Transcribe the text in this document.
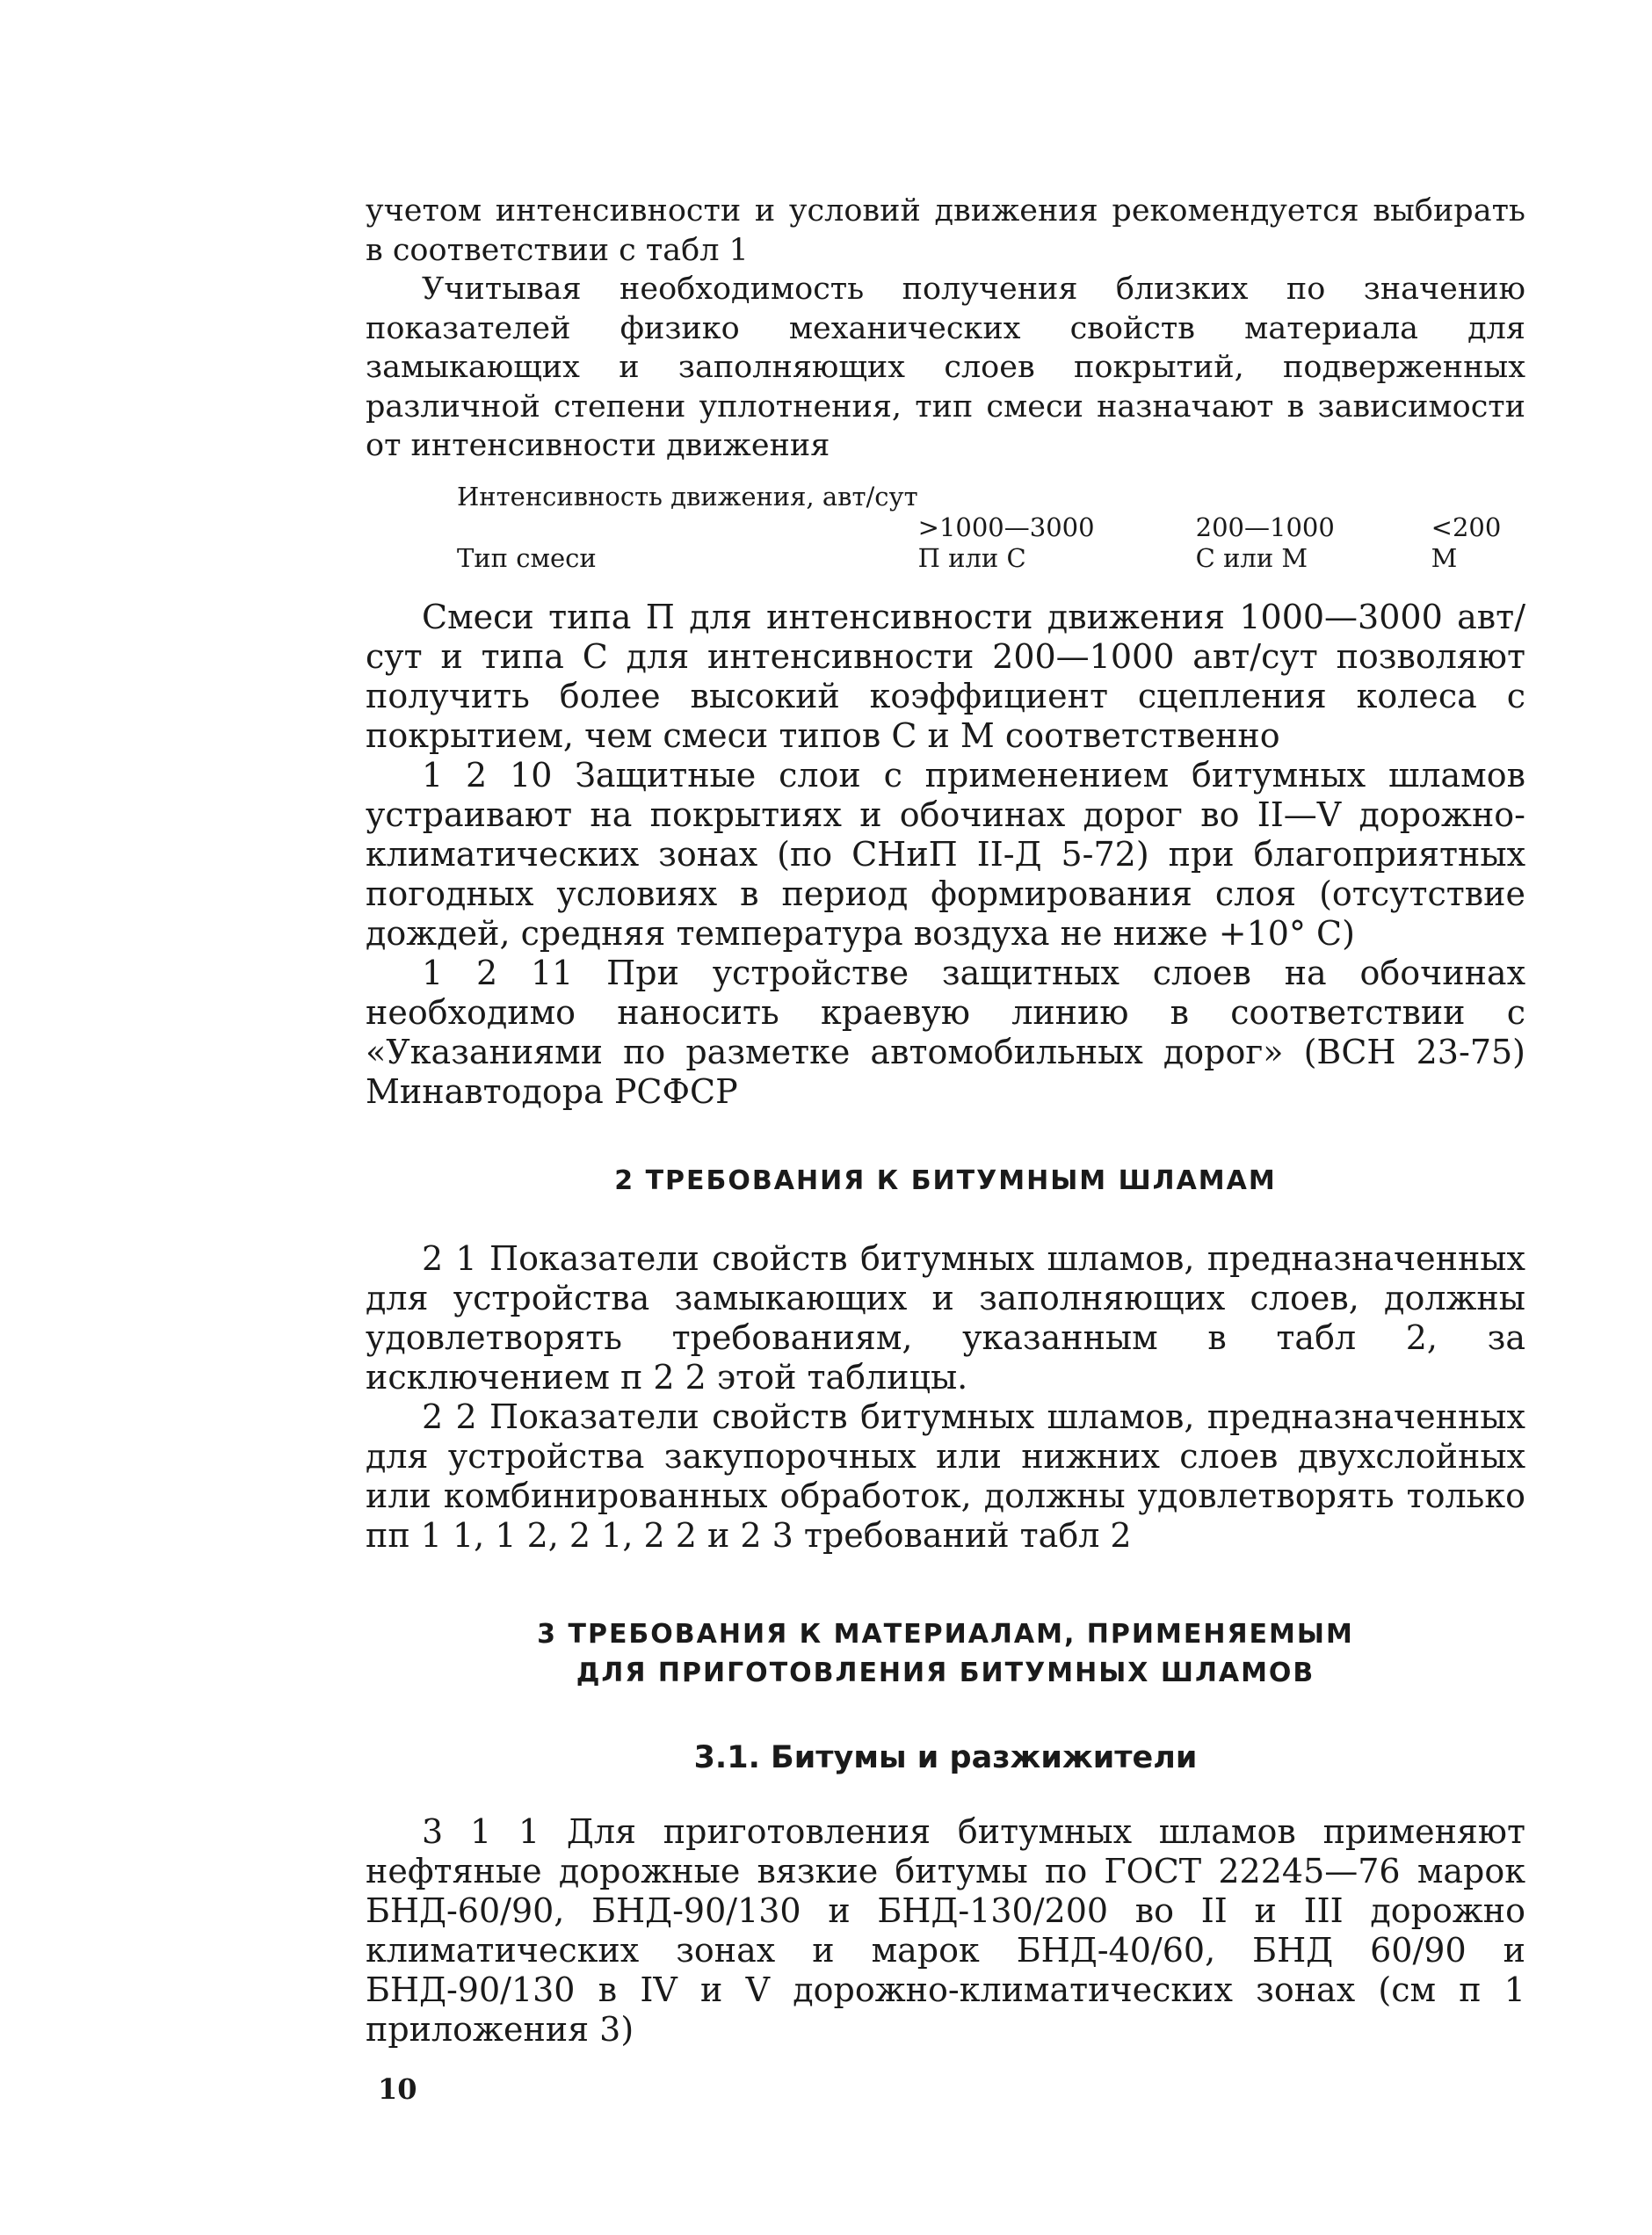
учетом интенсивности и условий движения рекомендуется выбирать в соответствии с табл 1

Учитывая необходимость получения близких по значению показателей физико механических свойств материала для замыкающих и заполняющих слоев покрытий, подверженных различной степени уплотнения, тип смеси назначают в зависимости от интенсивности движения

Интенсивность движения, авт/сут	>1000—3000	200—1000	<200
Тип смеси	П или С	С или М	М

Смеси типа П для интенсивности движения 1000—3000 авт/сут и типа С для интенсивности 200—1000 авт/сут позволяют получить более высокий коэффициент сцепления колеса с покрытием, чем смеси типов С и М соответственно

1 2 10 Защитные слои с применением битумных шламов устраивают на покрытиях и обочинах дорог во II—V дорожно-климатических зонах (по СНиП II-Д 5-72) при благоприятных погодных условиях в период формирования слоя (отсутствие дождей, средняя температура воздуха не ниже +10° С)

1 2 11 При устройстве защитных слоев на обочинах необходимо наносить краевую линию в соответствии с «Указаниями по разметке автомобильных дорог» (ВСН 23-75) Минавтодора РСФСР

2 ТРЕБОВАНИЯ К БИТУМНЫМ ШЛАМАМ

2 1 Показатели свойств битумных шламов, предназначенных для устройства замыкающих и заполняющих слоев, должны удовлетворять требованиям, указанным в табл 2, за исключением п 2 2 этой таблицы.

2 2 Показатели свойств битумных шламов, предназначенных для устройства закупорочных или нижних слоев двухслойных или комбинированных обработок, должны удовлетворять только пп 1 1, 1 2, 2 1, 2 2 и 2 3 требований табл 2

3 ТРЕБОВАНИЯ К МАТЕРИАЛАМ, ПРИМЕНЯЕМЫМ
ДЛЯ ПРИГОТОВЛЕНИЯ БИТУМНЫХ ШЛАМОВ
3.1. Битумы и разжижители

3 1 1 Для приготовления битумных шламов применяют нефтяные дорожные вязкие битумы по ГОСТ 22245—76 марок БНД-60/90, БНД-90/130 и БНД-130/200 во II и III дорожно климатических зонах и марок БНД-40/60, БНД 60/90 и БНД-90/130 в IV и V дорожно-климатических зонах (см п 1 приложения 3)

10
